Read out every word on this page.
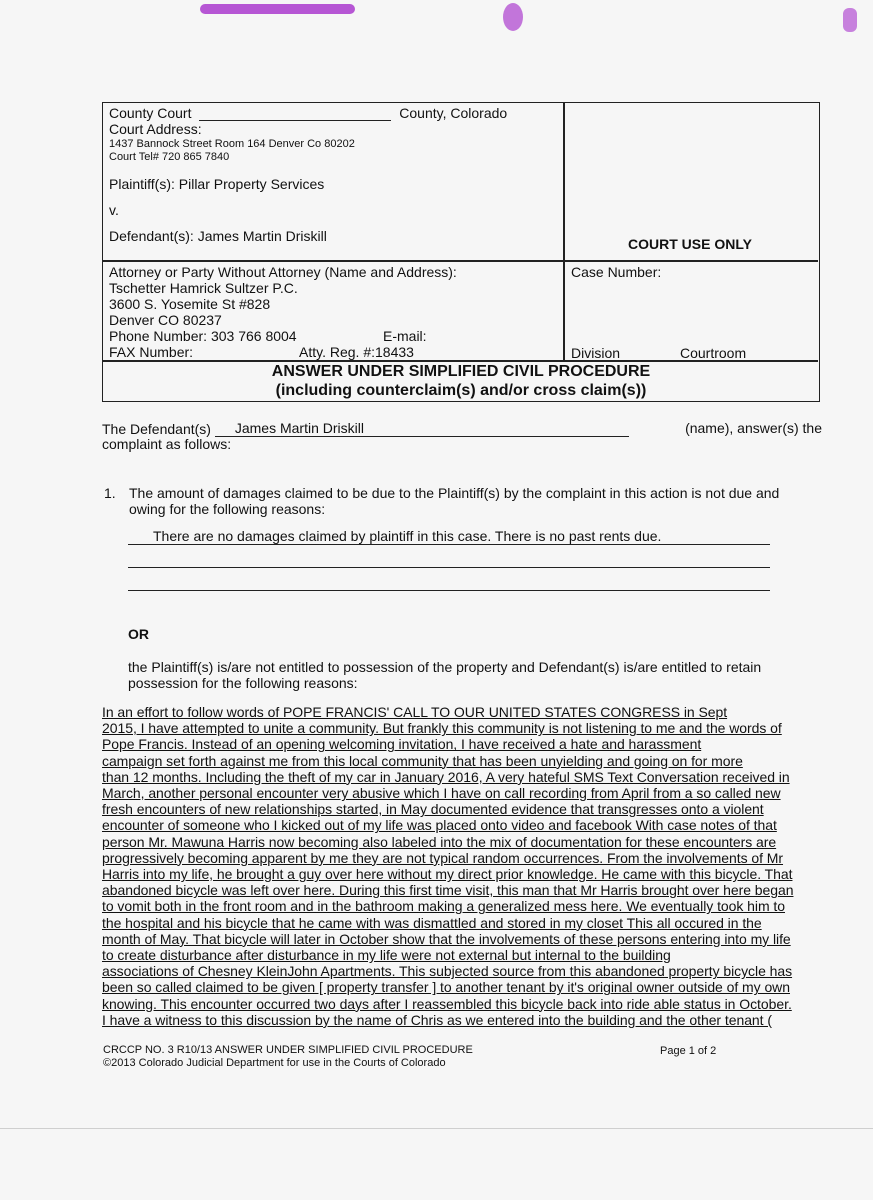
County Court	County, Colorado
Court Address:
1437 Bannock Street Room 164 Denver Co 80202
Court Tel# 720 865 7840
Plaintiff(s): Pillar Property Services
v.
Defendant(s): James Martin Driskill	COURT USE ONLY
Attorney or Party Without Attorney (Name and Address):
Tschetter Hamrick Sultzer P.C.
3600 S. Yosemite St #828
Denver CO 80237
Phone Number: 303 766 8004	E-mail:
FAX Number:	Atty. Reg. #:18433
Case Number:
Division	Courtroom
ANSWER UNDER SIMPLIFIED CIVIL PROCEDURE
(including counterclaim(s) and/or cross claim(s))
The Defendant(s) James Martin Driskill	(name), answer(s) the
complaint as follows:
1. The amount of damages claimed to be due to the Plaintiff(s) by the complaint in this action is not due and
owing for the following reasons:
There are no damages claimed by plaintiff in this case. There is no past rents due.
OR
the Plaintiff(s) is/are not entitled to possession of the property and Defendant(s) is/are entitled to retain
possession for the following reasons:
In an effort to follow words of POPE FRANCIS' CALL TO OUR UNITED STATES CONGRESS in Sept
2015, I have attempted to unite a community. But frankly this community is not listening to me and the words of
Pope Francis. Instead of an opening welcoming invitation, I have received a hate and harassment
campaign set forth against me from this local community that has been unyielding and going on for more
than 12 months. Including the theft of my car in January 2016, A very hateful SMS Text Conversation received in
March, another personal encounter very abusive which I have on call recording from April from a so called new
fresh encounters of new relationships started, in May documented evidence that transgresses onto a violent
encounter of someone who I kicked out of my life was placed onto video and facebook With case notes of that
person Mr. Mawuna Harris now becoming also labeled into the mix of documentation for these encounters are
progressively becoming apparent by me they are not typical random occurrences. From the involvements of Mr
Harris into my life, he brought a guy over here without my direct prior knowledge. He came with this bicycle. That
abandoned bicycle was left over here. During this first time visit, this man that Mr Harris brought over here began
to vomit both in the front room and in the bathroom making a generalized mess here. We eventually took him to
the hospital and his bicycle that he came with was dismattled and stored in my closet This all occured in the
month of May. That bicycle will later in October show that the involvements of these persons entering into my life
to create disturbance after disturbance in my life were not external but internal to the building
associations of Chesney KleinJohn Apartments. This subjected source from this abandoned property bicycle has
been so called claimed to be given [ property transfer ] to another tenant by it's original owner outside of my own
knowing. This encounter occurred two days after I reassembled this bicycle back into ride able status in October.
I have a witness to this discussion by the name of Chris as we entered into the building and the other tenant (
CRCCP NO. 3 R10/13 ANSWER UNDER SIMPLIFIED CIVIL PROCEDURE
©2013 Colorado Judicial Department for use in the Courts of Colorado
Page 1 of 2
